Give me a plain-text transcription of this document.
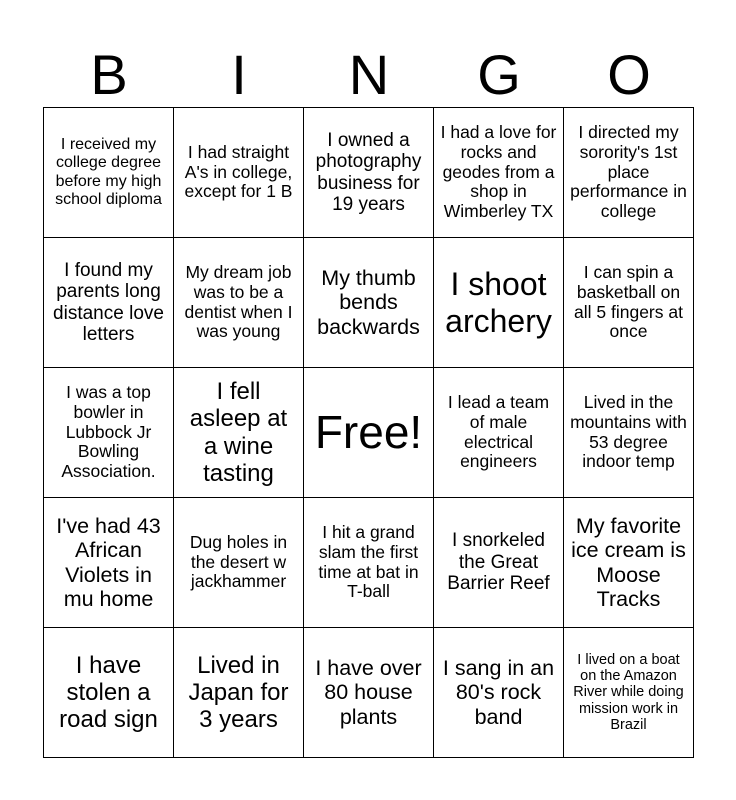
B	I	N	G	O
I received my college degree before my high school diploma
I had straight A's in college, except for 1 B
I owned a photography business for 19 years
I had a love for rocks and geodes from a shop in Wimberley TX
I directed my sorority's 1st place performance in college
I found my parents long distance love letters
My dream job was to be a dentist when I was young
My thumb bends backwards
I shoot archery
I can spin a basketball on all 5 fingers at once
I was a top bowler in Lubbock Jr Bowling Association.
I fell asleep at a wine tasting
Free!
I lead a team of male electrical engineers
Lived in the mountains with 53 degree indoor temp
I've had 43 African Violets in mu home
Dug holes in the desert w jackhammer
I hit a grand slam the first time at bat in T-ball
I snorkeled the Great Barrier Reef
My favorite ice cream is Moose Tracks
I have stolen a road sign
Lived in Japan for 3 years
I have over 80 house plants
I sang in an 80's rock band
I lived on a boat on the Amazon River while doing mission work in Brazil
